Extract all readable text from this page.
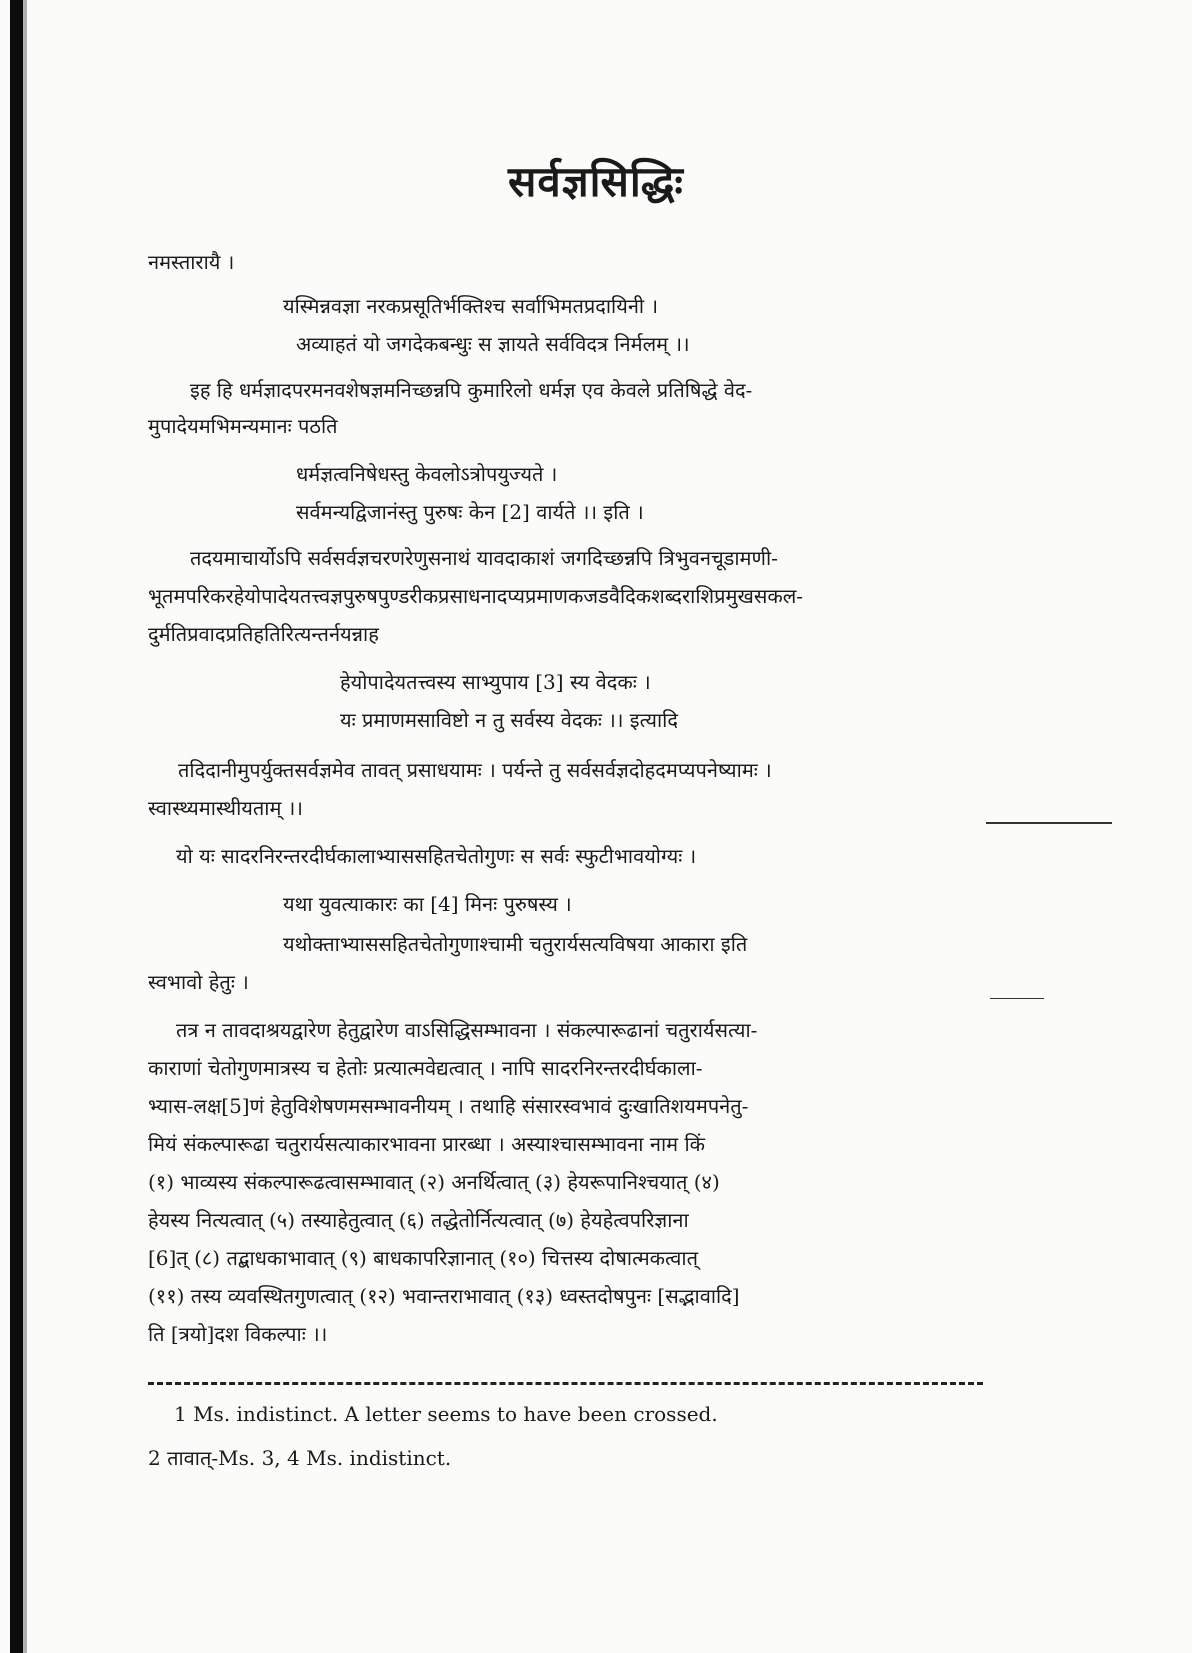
सर्वज्ञसिद्धिः
नमस्तारायै ।
यस्मिन्नवज्ञा नरकप्रसूतिर्भक्तिश्च सर्वाभिमतप्रदायिनी ।
अव्याहतं यो जगदेकबन्धुः स ज्ञायते सर्वविदत्र निर्मलम् ।।
इह हि धर्मज्ञादपरमनवशेषज्ञमनिच्छन्नपि कुमारिलो धर्मज्ञ एव केवले प्रतिषिद्धे वेद-
मुपादेयमभिमन्यमानः पठति
धर्मज्ञत्वनिषेधस्तु केवलोऽत्रोपयुज्यते ।
सर्वमन्यद्विजानंस्तु पुरुषः केन [2] वार्यते ।। इति ।
तदयमाचार्योऽपि सर्वसर्वज्ञचरणरेणुसनाथं यावदाकाशं जगदिच्छन्नपि त्रिभुवनचूडामणी-
भूतमपरिकरहेयोपादेयतत्त्वज्ञपुरुषपुण्डरीकप्रसाधनादप्यप्रमाणकजडवैदिकशब्दराशिप्रमुखसकल-
दुर्मतिप्रवादप्रतिहतिरित्यन्तर्नयन्नाह
हेयोपादेयतत्त्वस्य साभ्युपाय [3] स्य वेदकः ।
यः प्रमाणमसाविष्टो न तु सर्वस्य वेदकः ।। इत्यादि
तदिदानीमुपर्युक्तसर्वज्ञमेव तावत् प्रसाधयामः । पर्यन्ते तु सर्वसर्वज्ञदोहदमप्यपनेष्यामः ।
स्वास्थ्यमास्थीयताम् ।।
यो यः सादरनिरन्तरदीर्घकालाभ्याससहितचेतोगुणः स सर्वः स्फुटीभावयोग्यः ।
यथा युवत्याकारः का [4] मिनः पुरुषस्य ।
यथोक्ताभ्याससहितचेतोगुणाश्चामी चतुरार्यसत्यविषया आकारा इति
स्वभावो हेतुः ।
तत्र न तावदाश्रयद्वारेण हेतुद्वारेण वाऽसिद्धिसम्भावना । संकल्पारूढानां चतुरार्यसत्या-
काराणां चेतोगुणमात्रस्य च हेतोः प्रत्यात्मवेद्यत्वात् । नापि सादरनिरन्तरदीर्घकाला-
भ्यास-लक्ष[5]णं हेतुविशेषणमसम्भावनीयम् । तथाहि संसारस्वभावं दुःखातिशयमपनेतु-
मियं संकल्पारूढा चतुरार्यसत्याकारभावना प्रारब्धा । अस्याश्चासम्भावना नाम किं
(१) भाव्यस्य संकल्पारूढत्वासम्भावात् (२) अनर्थित्वात् (३) हेयरूपानिश्चयात् (४)
हेयस्य नित्यत्वात् (५) तस्याहेतुत्वात् (६) तद्धेतोर्नित्यत्वात् (७) हेयहेत्वपरिज्ञाना
[6]त् (८) तद्बाधकाभावात् (९) बाधकापरिज्ञानात् (१०) चित्तस्य दोषात्मकत्वात्
(११) तस्य व्यवस्थितगुणत्वात् (१२) भवान्तराभावात् (१३) ध्वस्तदोषपुनः [सद्भावादि]
ति [त्रयो]दश विकल्पाः ।।
1 Ms. indistinct. A letter seems to have been crossed.
2 तावात्-Ms. 3, 4 Ms. indistinct.
